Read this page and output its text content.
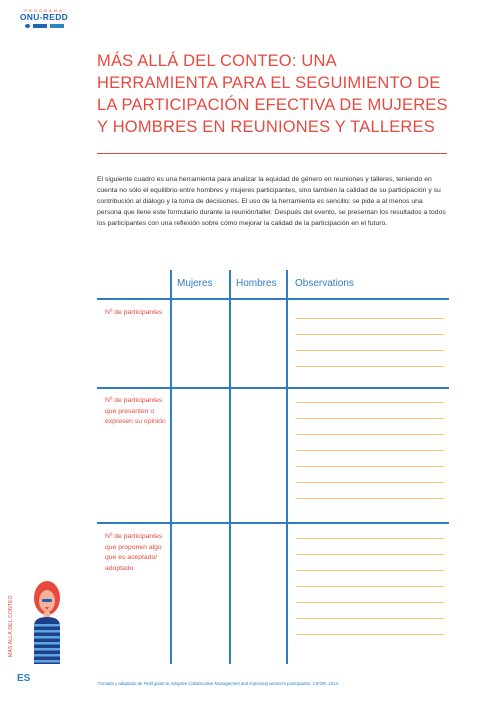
PROGRAMA
ONU-REDD
MÁS ALLÁ DEL CONTEO: UNA HERRAMIENTA PARA EL SEGUIMIENTO DE LA PARTICIPACIÓN EFECTIVA DE MUJERES Y HOMBRES EN REUNIONES Y TALLERES

El siguiente cuadro es una herramienta para analizar la equidad de género en reuniones y talleres, teniendo en cuenta no sólo el equilibrio entre hombres y mujeres participantes, sino también la calidad de su participación y su contribución al diálogo y la toma de decisiones. El uso de la herramienta es sencillo: se pide a al menos una persona que llene este formulario durante la reunión/taller. Después del evento, se presentan los resultados a todos los participantes con una reflexión sobre cómo mejorar la calidad de la participación en el futuro.

Mujeres Hombres Observations

Nº de participantes

Nº de participantes que presenten o expresen su opinión

Nº de participantes que proponen algo que es aceptado/ adoptado

MÁS ALLÁ DEL CONTEO
ES	*Tomado y adaptado de Field guide to Adaptive Collaborative Management and improving women's participation, CIFOR, 2014.
